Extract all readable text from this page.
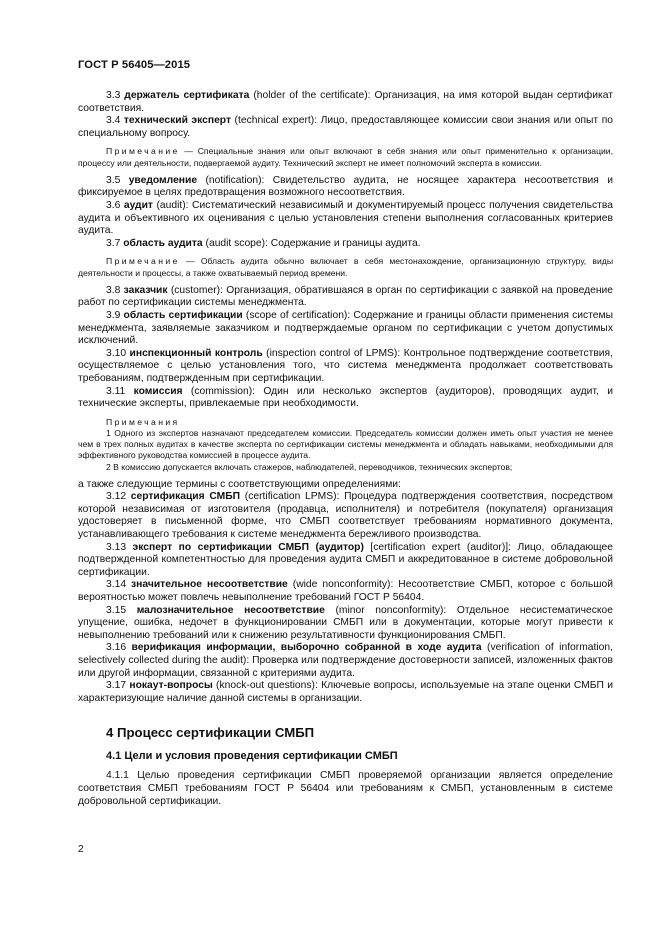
ГОСТ Р 56405—2015

3.3 держатель сертификата (holder of the certificate): Организация, на имя которой выдан сертификат соответствия.

3.4 технический эксперт (technical expert): Лицо, предоставляющее комиссии свои знания или опыт по специальному вопросу.

Примечание — Специальные знания или опыт включают в себя знания или опыт применительно к организации, процессу или деятельности, подвергаемой аудиту. Технический эксперт не имеет полномочий эксперта в комиссии.

3.5 уведомление (notification): Свидетельство аудита, не носящее характера несоответствия и фиксируемое в целях предотвращения возможного несоответствия.

3.6 аудит (audit): Систематический независимый и документируемый процесс получения свидетельства аудита и объективного их оценивания с целью установления степени выполнения согласованных критериев аудита.

3.7 область аудита (audit scope): Содержание и границы аудита.

Примечание — Область аудита обычно включает в себя местонахождение, организационную структуру, виды деятельности и процессы, а также охватываемый период времени.

3.8 заказчик (customer): Организация, обратившаяся в орган по сертификации с заявкой на проведение работ по сертификации системы менеджмента.

3.9 область сертификации (scope of certification): Содержание и границы области применения системы менеджмента, заявляемые заказчиком и подтверждаемые органом по сертификации с учетом допустимых исключений.

3.10 инспекционный контроль (inspection control of LPMS): Контрольное подтверждение соответствия, осуществляемое с целью установления того, что система менеджмента продолжает соответствовать требованиям, подтвержденным при сертификации.

3.11 комиссия (commission): Один или несколько экспертов (аудиторов), проводящих аудит, и технические эксперты, привлекаемые при необходимости.

Примечания

1 Одного из экспертов назначают председателем комиссии. Председатель комиссии должен иметь опыт участия не менее чем в трех полных аудитах в качестве эксперта по сертификации системы менеджмента и обладать навыками, необходимыми для эффективного руководства комиссией в процессе аудита.

2 В комиссию допускается включать стажеров, наблюдателей, переводчиков, технических экспертов;

а также следующие термины с соответствующими определениями:

3.12 сертификация СМБП (certification LPMS): Процедура подтверждения соответствия, посредством которой независимая от изготовителя (продавца, исполнителя) и потребителя (покупателя) организация удостоверяет в письменной форме, что СМБП соответствует требованиям нормативного документа, устанавливающего требования к системе менеджмента бережливого производства.

3.13 эксперт по сертификации СМБП (аудитор) [certification expert (auditor)]: Лицо, обладающее подтвержденной компетентностью для проведения аудита СМБП и аккредитованное в системе добровольной сертификации.

3.14 значительное несоответствие (wide nonconformity): Несоответствие СМБП, которое с большой вероятностью может повлечь невыполнение требований ГОСТ Р 56404.

3.15 малозначительное несоответствие (minor nonconformity): Отдельное несистематическое упущение, ошибка, недочет в функционировании СМБП или в документации, которые могут привести к невыполнению требований или к снижению результативности функционирования СМБП.

3.16 верификация информации, выборочно собранной в ходе аудита (verification of information, selectively collected during the audit): Проверка или подтверждение достоверности записей, изложенных фактов или другой информации, связанной с критериями аудита.

3.17 нокаут-вопросы (knock-out questions): Ключевые вопросы, используемые на этапе оценки СМБП и характеризующие наличие данной системы в организации.

4 Процесс сертификации СМБП
4.1 Цели и условия проведения сертификации СМБП

4.1.1 Целью проведения сертификации СМБП проверяемой организации является определение соответствия СМБП требованиям ГОСТ Р 56404 или требованиям к СМБП, установленным в системе добровольной сертификации.

2
